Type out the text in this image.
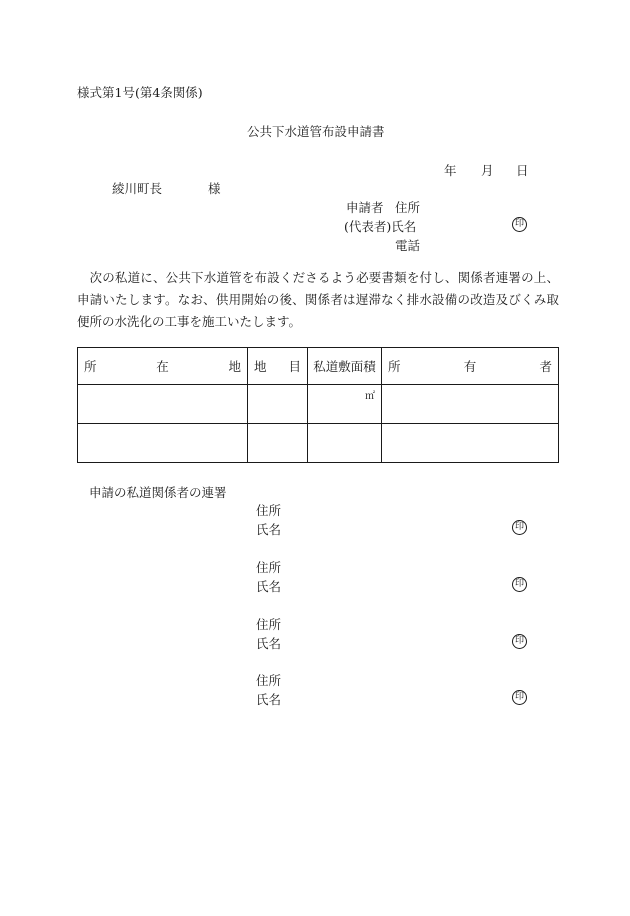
様式第1号(第4条関係)
公共下水道管布設申請書
年 月 日
綾川町長	様
申請者 住所
(代表者)氏名	印
電話
次の私道に、公共下水道管を布設くださるよう必要書類を付し、関係者連署の上、申請いたします。なお、供用開始の後、関係者は遅滞なく排水設備の改造及びくみ取便所の水洗化の工事を施工いたします。
所 在 地	地 目	私道敷面積	所 有 者

		㎡	

申請の私道関係者の連署
住所
氏名	印
住所
氏名	印
住所
氏名	印
住所
氏名	印
